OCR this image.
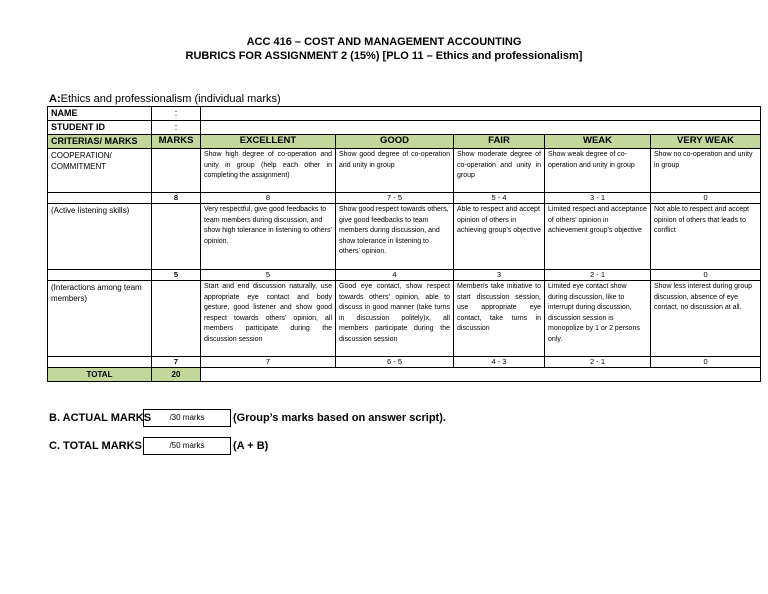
ACC 416 – COST AND MANAGEMENT ACCOUNTING
RUBRICS FOR ASSIGNMENT 2 (15%) [PLO 11 – Ethics and professionalism]
A:Ethics and professionalism (individual marks)
NAME	:					
STUDENT ID	:					
CRITERIAS/ MARKS	MARKS	EXCELLENT	GOOD	FAIR	WEAK	VERY WEAK
COOPERATION/ COMMITMENT		Show high degree of co-operation and unity in group (help each other in completing the assignment)	Show good degree of co-operation and unity in group	Show moderate degree of co-operation and unity in group	Show weak degree of co-operation and unity in group	Show no co-operation and unity in group
	8	8	7 - 5	5 - 4	3 - 1	0
(Active listening skills)		Very respectful, give good feedbacks to team members during discussion, and show high tolerance in listening to others' opinion.	Show good respect towards others, give good feedbacks to team members during discussion, and show tolerance in listening to others' opinion.	Able to respect and accept opinion of others in achieving group's objective	Limited respect and acceptance of others' opinion in achievement group's objective	Not able to respect and accept opinion of others that leads to conflict
	5	5	4	3	2 - 1	0
(Interactions among team members)		Start and end discussion naturally, use appropriate eye contact and body gesture, good listener and show good respect towards others' opinion, all members participate during the discussion session	Good eye contact, show respect towards others' opinion, able to discuss in good manner (take turns in discussion politely)x, all members participate during the discussion session	Member/s take initiative to start discussion session, use appropriate eye contact, take turns in discussion	Limited eye contact show during discussion, like to interrupt during discussion, discussion session is monopolize by 1 or 2 persons only.	Show less interest during group discussion, absence of eye contact, no discussion at all.
	7	7	6 - 5	4 - 3	2 - 1	0
TOTAL	20					
B. ACTUAL MARKS	/30 marks	(Group’s marks based on answer script).
C. TOTAL MARKS	/50 marks	(A + B)
